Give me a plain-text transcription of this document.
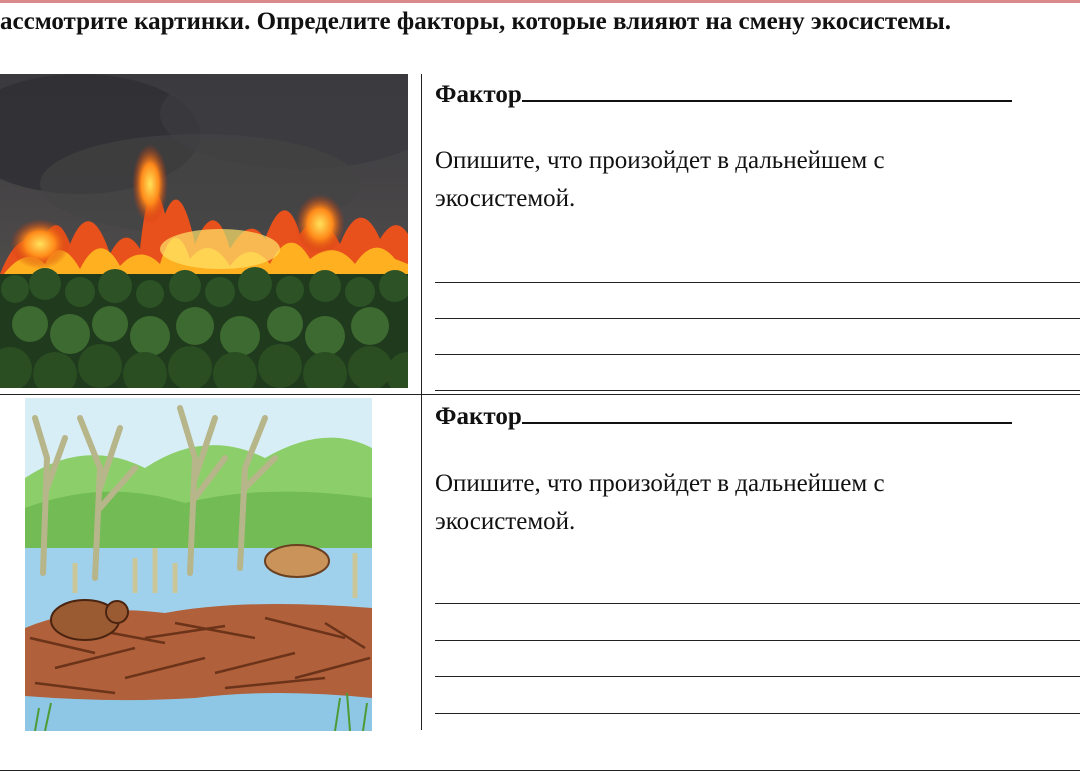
ассмотрите картинки. Определите факторы, которые влияют на смену экосистемы.
Фактор
Опишите, что произойдет в дальнейшем с экосистемой.
Фактор
Опишите, что произойдет в дальнейшем с экосистемой.
